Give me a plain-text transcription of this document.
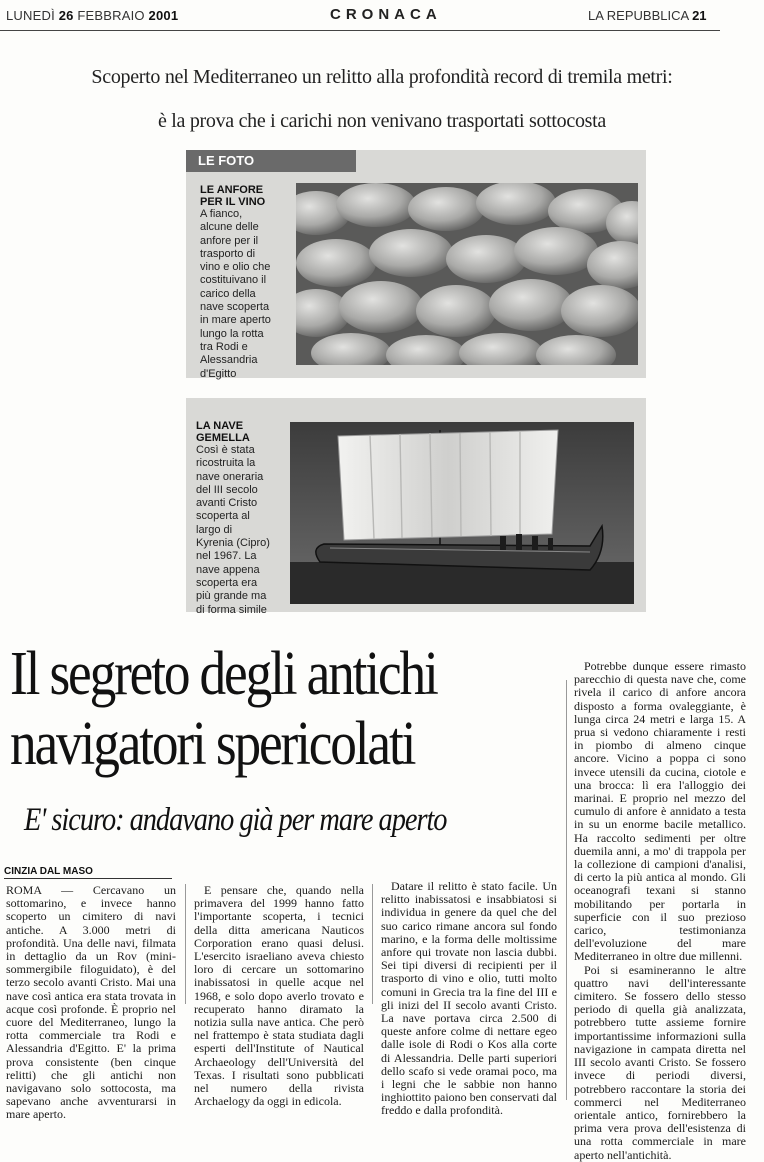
LUNEDÌ 26 FEBBRAIO 2001	CRONACA	LA REPUBBLICA 21
Scoperto nel Mediterraneo un relitto alla profondità record di tremila metri:
è la prova che i carichi non venivano trasportati sottocosta
LE FOTO
LE ANFORE
PER IL VINO
A fianco,
alcune delle
anfore per il
trasporto di
vino e olio che
costituivano il
carico della
nave scoperta
in mare aperto
lungo la rotta
tra Rodi e
Alessandria
d'Egitto
LA NAVE
GEMELLA
Così è stata
ricostruita la
nave oneraria
del III secolo
avanti Cristo
scoperta al
largo di
Kyrenia (Cipro)
nel 1967. La
nave appena
scoperta era
più grande ma
di forma simile
Il segreto degli antichi
navigatori spericolati
E' sicuro: andavano già per mare aperto
CINZIA DAL MASO

ROMA — Cercavano un sottomarino, e invece hanno scoperto un cimitero di navi antiche. A 3.000 metri di profondità. Una delle navi, filmata in dettaglio da un Rov (mini-sommergibile filoguidato), è del terzo secolo avanti Cristo. Mai una nave così antica era stata trovata in acque così profonde. È proprio nel cuore del Mediterraneo, lungo la rotta commerciale tra Rodi e Alessandria d'Egitto. E' la prima prova consistente (ben cinque relitti) che gli antichi non navigavano solo sottocosta, ma sapevano anche avventurarsi in mare aperto.

E pensare che, quando nella primavera del 1999 hanno fatto l'importante scoperta, i tecnici della ditta americana Nauticos Corporation erano quasi delusi. L'esercito israeliano aveva chiesto loro di cercare un sottomarino inabissatosi in quelle acque nel 1968, e solo dopo averlo trovato e recuperato hanno diramato la notizia sulla nave antica. Che però nel frattempo è stata studiata dagli esperti dell'Institute of Nautical Archaeology dell'Università del Texas. I risultati sono pubblicati nel numero della rivista Archaelogy da oggi in edicola.

Datare il relitto è stato facile. Un relitto inabissatosi e insabbiatosi si individua in genere da quel che del suo carico rimane ancora sul fondo marino, e la forma delle moltissime anfore qui trovate non lascia dubbi. Sei tipi diversi di recipienti per il trasporto di vino e olio, tutti molto comuni in Grecia tra la fine del III e gli inizi del II secolo avanti Cristo. La nave portava circa 2.500 di queste anfore colme di nettare egeo dalle isole di Rodi o Kos alla corte di Alessandria. Delle parti superiori dello scafo si vede oramai poco, ma i legni che le sabbie non hanno inghiottito paiono ben conservati dal freddo e dalla profondità.

Potrebbe dunque essere rimasto parecchio di questa nave che, come rivela il carico di anfore ancora disposto a forma ovaleggiante, è lunga circa 24 metri e larga 15. A prua si vedono chiaramente i resti in piombo di almeno cinque ancore. Vicino a poppa ci sono invece utensili da cucina, ciotole e una brocca: lì era l'alloggio dei marinai. E proprio nel mezzo del cumulo di anfore è annidato a testa in su un enorme bacile metallico. Ha raccolto sedimenti per oltre duemila anni, a mo' di trappola per la collezione di campioni d'analisi, di certo la più antica al mondo. Gli oceanografi texani si stanno mobilitando per portarla in superficie con il suo prezioso carico, testimonianza dell'evoluzione del mare Mediterraneo in oltre due millenni.

Poi si esamineranno le altre quattro navi dell'interessante cimitero. Se fossero dello stesso periodo di quella già analizzata, potrebbero tutte assieme fornire importantissime informazioni sulla navigazione in campata diretta nel III secolo avanti Cristo. Se fossero invece di periodi diversi, potrebbero raccontare la storia dei commerci nel Mediterraneo orientale antico, fornirebbero la prima vera prova dell'esistenza di una rotta commerciale in mare aperto nell'antichità.
